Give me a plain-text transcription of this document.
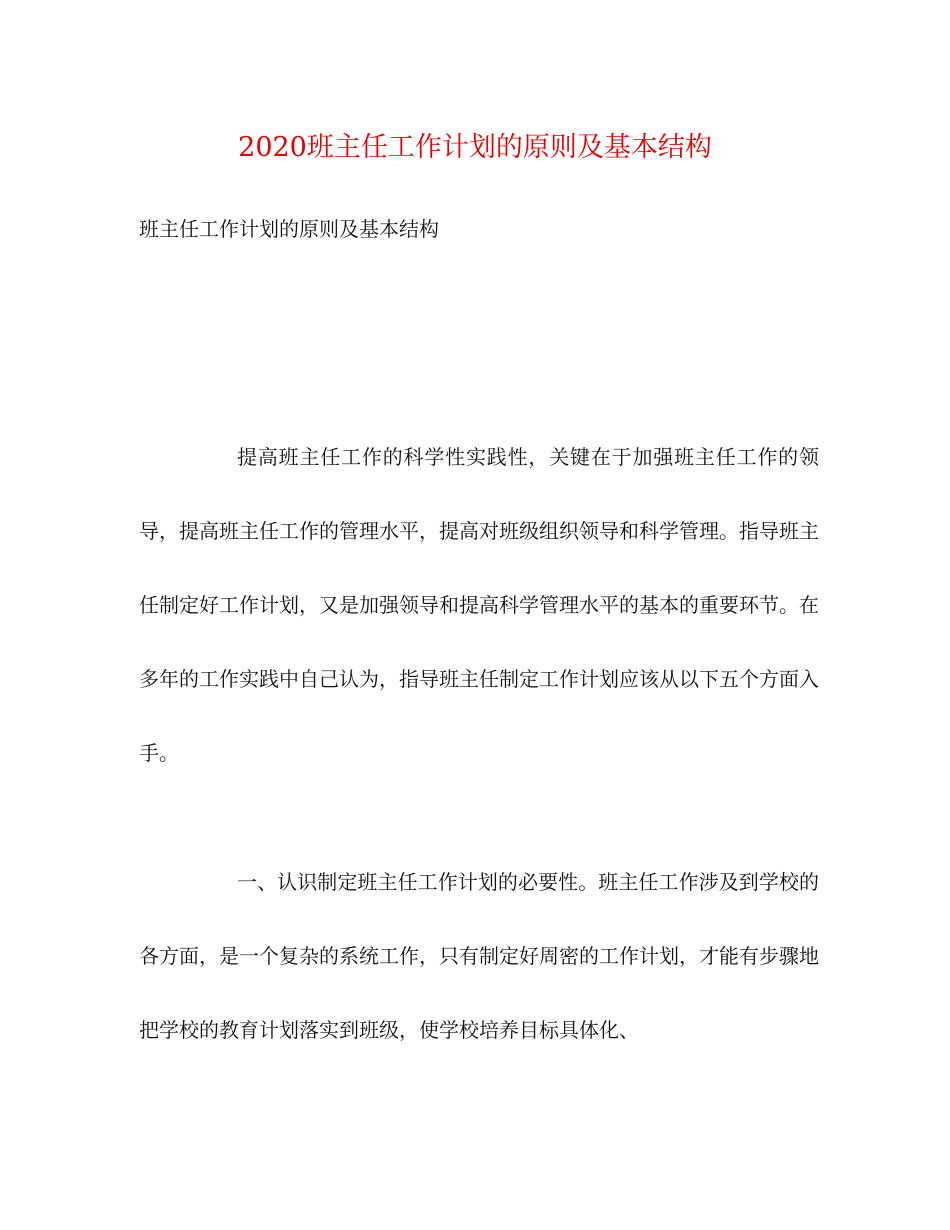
2020班主任工作计划的原则及基本结构

班主任工作计划的原则及基本结构

提高班主任工作的科学性实践性，关键在于加强班主任工作的领导，提高班主任工作的管理水平，提高对班级组织领导和科学管理。指导班主任制定好工作计划，又是加强领导和提高科学管理水平的基本的重要环节。在多年的工作实践中自己认为，指导班主任制定工作计划应该从以下五个方面入手。

一、认识制定班主任工作计划的必要性。班主任工作涉及到学校的各方面，是一个复杂的系统工作，只有制定好周密的工作计划，才能有步骤地把学校的教育计划落实到班级，使学校培养目标具体化、
